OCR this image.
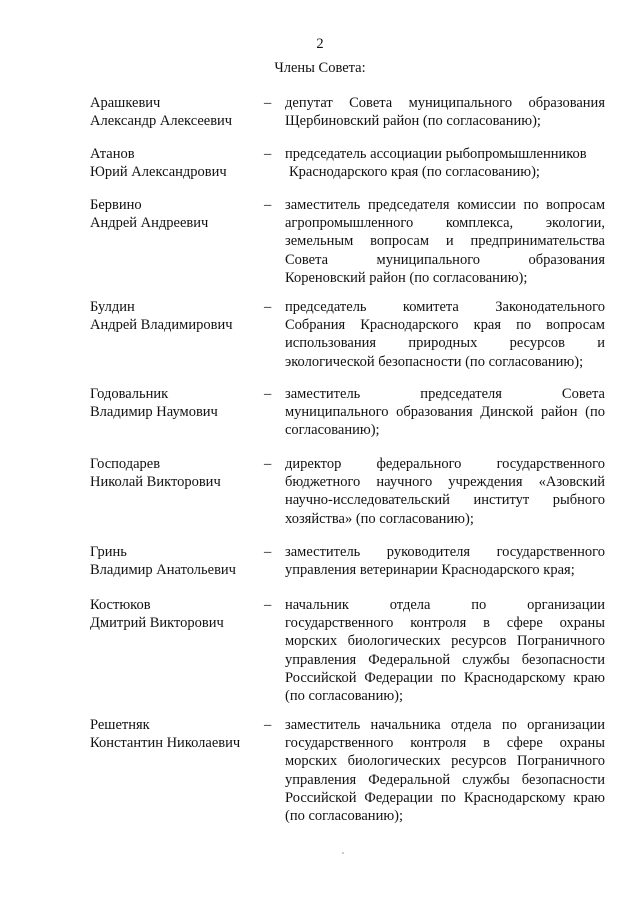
2
Члены Совета:
Арашкевич
Александр Алексеевич
– депутат Совета муниципального образования
Щербиновский район (по согласованию);
Атанов
Юрий Александрович
– председатель ассоциации рыбопромышленников
Краснодарского края (по согласованию);
Бервино
Андрей Андреевич
– заместитель председателя комиссии по вопросам
агропромышленного комплекса, экологии,
земельным вопросам и предпринимательства
Совета муниципального образования
Кореновский район (по согласованию);
Булдин
Андрей Владимирович
– председатель комитета Законодательного
Собрания Краснодарского края по вопросам
использования природных ресурсов и
экологической безопасности (по согласованию);
Годовальник
Владимир Наумович
– заместитель председателя Совета
муниципального образования Динской район (по
согласованию);
Господарев
Николай Викторович
– директор федерального государственного
бюджетного научного учреждения «Азовский
научно-исследовательский институт рыбного
хозяйства» (по согласованию);
Гринь
Владимир Анатольевич
– заместитель руководителя государственного
управления ветеринарии Краснодарского края;
Костюков
Дмитрий Викторович
– начальник отдела по организации
государственного контроля в сфере охраны
морских биологических ресурсов Пограничного
управления Федеральной службы безопасности
Российской Федерации по Краснодарскому краю
(по согласованию);
Решетняк
Константин Николаевич
– заместитель начальника отдела по организации
государственного контроля в сфере охраны
морских биологических ресурсов Пограничного
управления Федеральной службы безопасности
Российской Федерации по Краснодарскому краю
(по согласованию);
